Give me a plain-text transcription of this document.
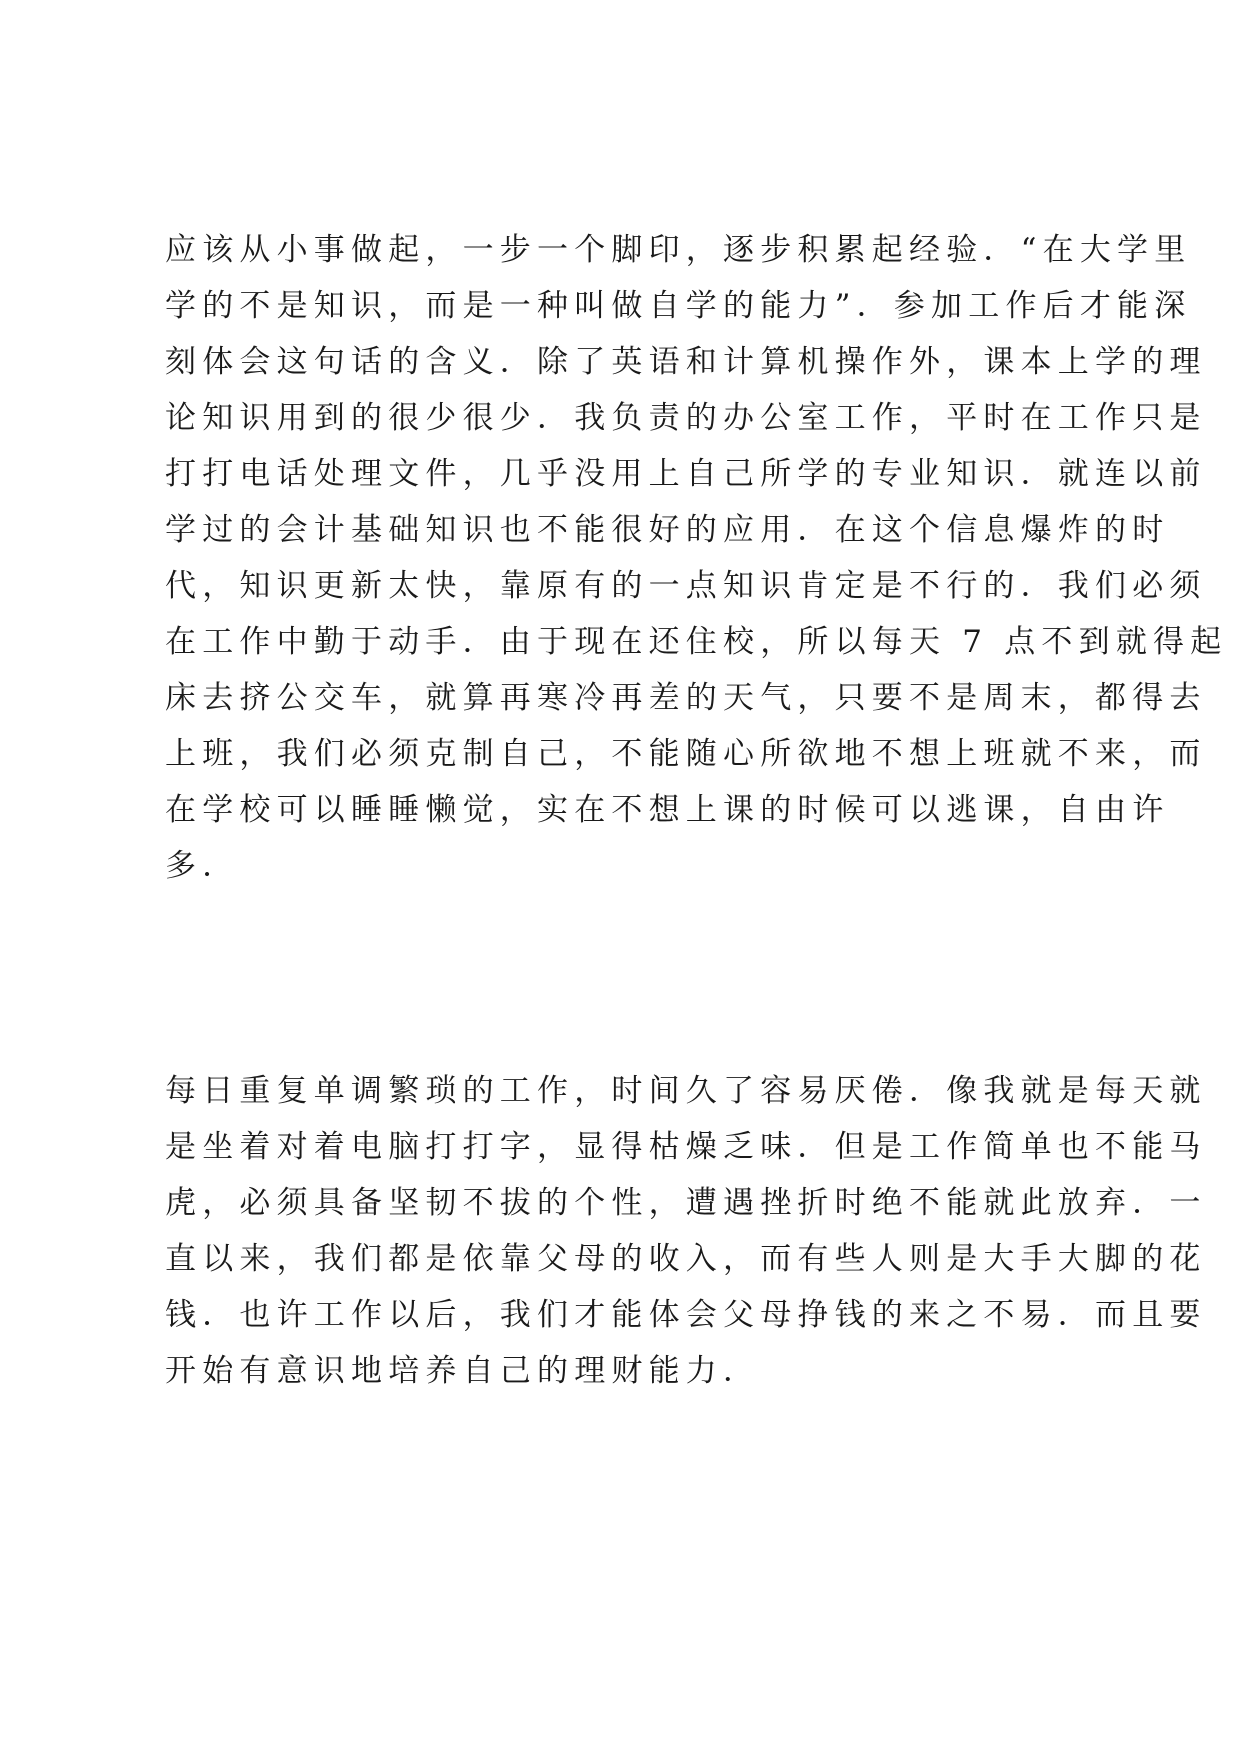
应该从小事做起，一步一个脚印，逐步积累起经验．“在大学里
学的不是知识，而是一种叫做自学的能力”．参加工作后才能深
刻体会这句话的含义．除了英语和计算机操作外，课本上学的理
论知识用到的很少很少．我负责的办公室工作，平时在工作只是
打打电话处理文件，几乎没用上自己所学的专业知识．就连以前
学过的会计基础知识也不能很好的应用．在这个信息爆炸的时
代，知识更新太快，靠原有的一点知识肯定是不行的．我们必须
在工作中勤于动手．由于现在还住校，所以每天 7 点不到就得起
床去挤公交车，就算再寒冷再差的天气，只要不是周末，都得去
上班，我们必须克制自己，不能随心所欲地不想上班就不来，而
在学校可以睡睡懒觉，实在不想上课的时候可以逃课，自由许
多．
每日重复单调繁琐的工作，时间久了容易厌倦．像我就是每天就
是坐着对着电脑打打字，显得枯燥乏味．但是工作简单也不能马
虎，必须具备坚韧不拔的个性，遭遇挫折时绝不能就此放弃．一
直以来，我们都是依靠父母的收入，而有些人则是大手大脚的花
钱．也许工作以后，我们才能体会父母挣钱的来之不易．而且要
开始有意识地培养自己的理财能力．
